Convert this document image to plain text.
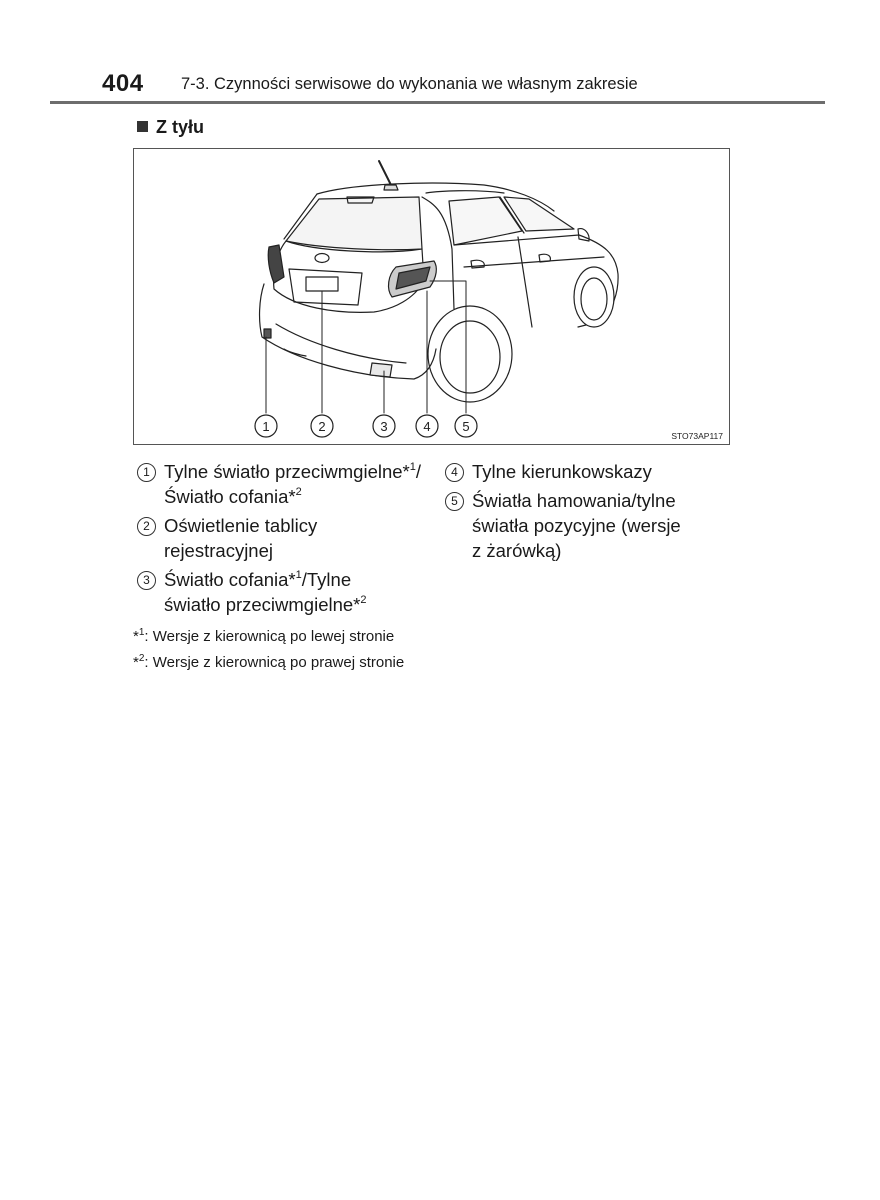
404 7-3. Czynności serwisowe do wykonania we własnym zakresie
Z tyłu
1	2	3	4 5
STO73AP117
1 Tylne światło przeciwmgielne*$^1$/
Światło cofania*$^2$
2 Oświetlenie tablicy
rejestracyjnej
3 Światło cofania*$^1$/Tylne
światło przeciwmgielne*$^2$
4 Tylne kierunkowskazy
5 Światła hamowania/tylne
światła pozycyjne (wersje
z żarówką)
*$^1$: Wersje z kierownicą po lewej stronie
*$^2$: Wersje z kierownicą po prawej stronie
